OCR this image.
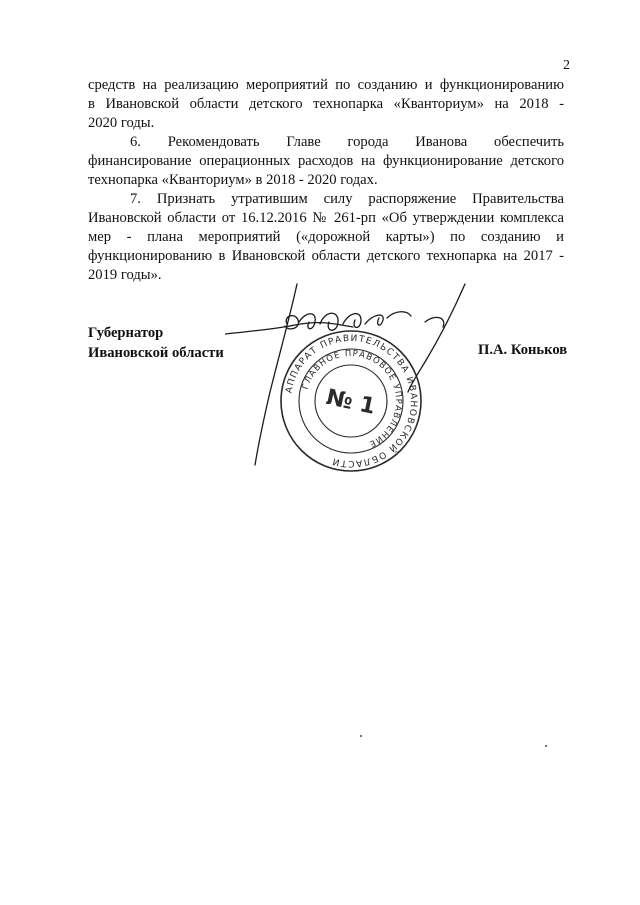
2

средств на реализацию мероприятий по созданию и функционированию
в Ивановской области детского технопарка «Кванториум» на 2018 -
2020 годы.

6. Рекомендовать Главе города Иванова обеспечить
финансирование операционных расходов на функционирование детского
технопарка «Кванториум» в 2018 - 2020 годах.

7. Признать утратившим силу распоряжение Правительства
Ивановской области от 16.12.2016 № 261-рп «Об утверждении комплекса
мер - плана мероприятий («дорожной карты») по созданию и
функционированию в Ивановской области детского технопарка на 2017 -
2019 годы».

Губернатор
Ивановской области	П.А. Коньков
АППАРАТ ПРАВИТЕЛЬСТВА ИВАНОВСКОЙ ОБЛАСТИ
ГЛАВНОЕ ПРАВОВОЕ УПРАВЛЕНИЕ
№ 1
